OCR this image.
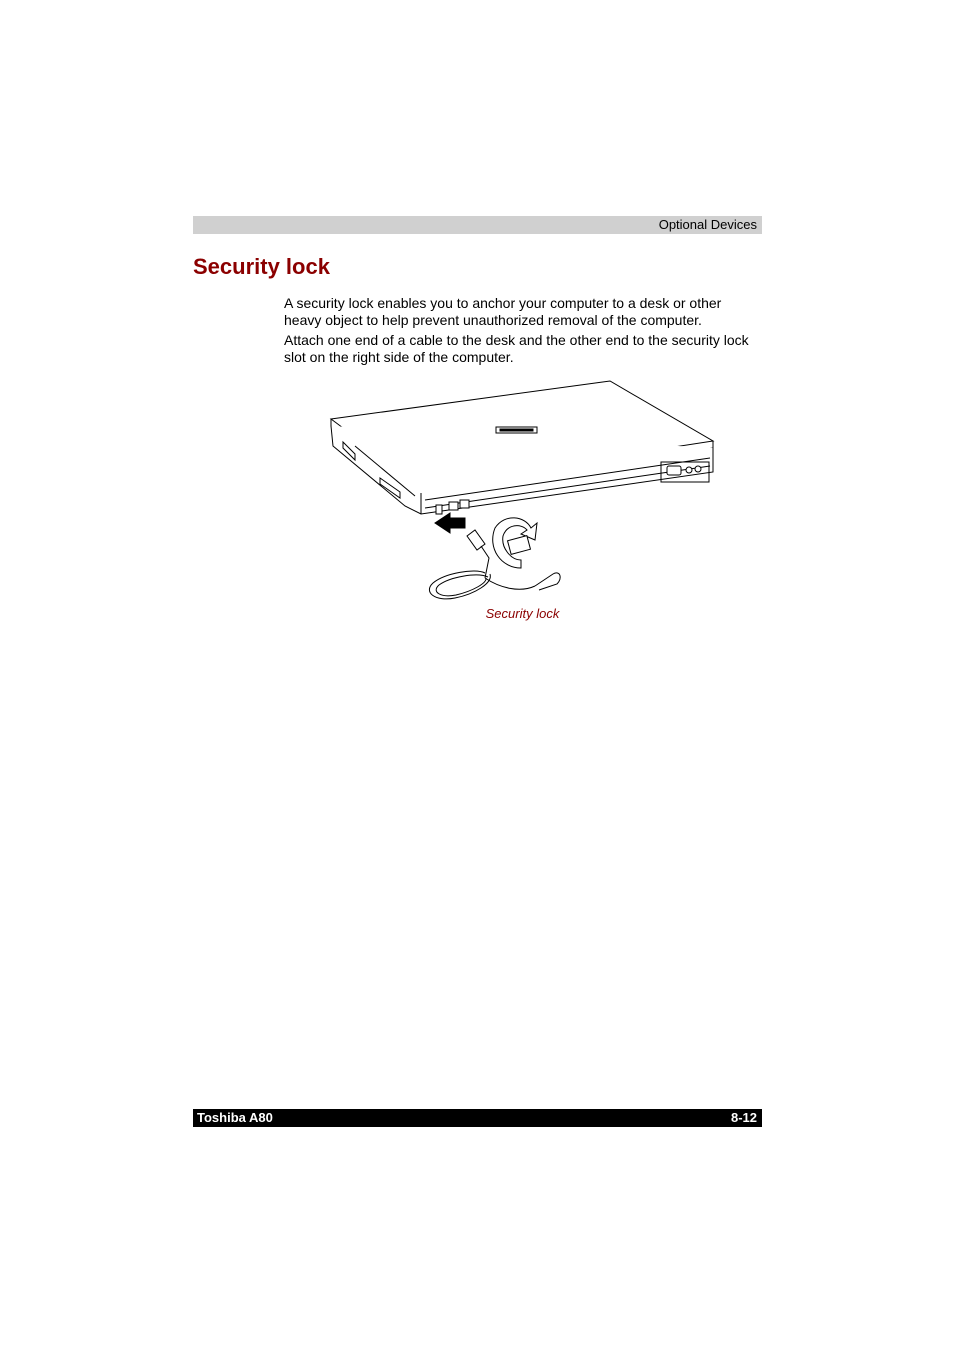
Optional Devices
Security lock

A security lock enables you to anchor your computer to a desk or other heavy object to help prevent unauthorized removal of the computer.

Attach one end of a cable to the desk and the other end to the security lock slot on the right side of the computer.

Security lock
Toshiba A80	8-12
